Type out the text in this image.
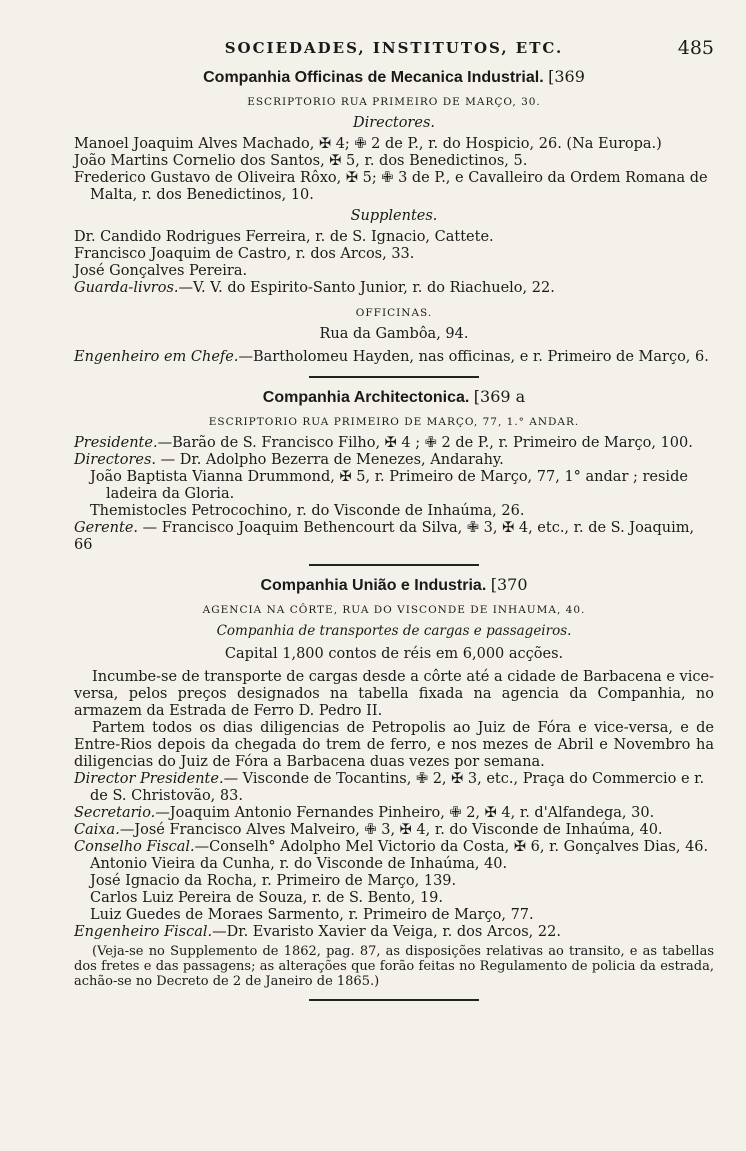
SOCIEDADES, INSTITUTOS, ETC.	485
Companhia Officinas de Mecanica Industrial. [369
ESCRIPTORIO RUA PRIMEIRO DE MARÇO, 30.
Directores.
Manoel Joaquim Alves Machado, ✠ 4; ✙ 2 de P., r. do Hospicio, 26. (Na Europa.)
João Martins Cornelio dos Santos, ✠ 5, r. dos Benedictinos, 5.
Frederico Gustavo de Oliveira Rôxo, ✠ 5; ✙ 3 de P., e Cavalleiro da Ordem Romana de Malta, r. dos Benedictinos, 10.
Supplentes.
Dr. Candido Rodrigues Ferreira, r. de S. Ignacio, Cattete.
Francisco Joaquim de Castro, r. dos Arcos, 33.
José Gonçalves Pereira.
Guarda-livros.—V. V. do Espirito-Santo Junior, r. do Riachuelo, 22.
OFFICINAS.
Rua da Gambôa, 94.
Engenheiro em Chefe.—Bartholomeu Hayden, nas officinas, e r. Primeiro de Março, 6.
Companhia Architectonica. [369 a
ESCRIPTORIO RUA PRIMEIRO DE MARÇO, 77, 1.° ANDAR.
Presidente.—Barão de S. Francisco Filho, ✠ 4 ; ✙ 2 de P., r. Primeiro de Março, 100.
Directores. — Dr. Adolpho Bezerra de Menezes, Andarahy.
João Baptista Vianna Drummond, ✠ 5, r. Primeiro de Março, 77, 1° andar ; reside ladeira da Gloria.
Themistocles Petrocochino, r. do Visconde de Inhaúma, 26.
Gerente. — Francisco Joaquim Bethencourt da Silva, ✙ 3, ✠ 4, etc., r. de S. Joaquim, 66
Companhia União e Industria. [370
AGENCIA NA CÔRTE, RUA DO VISCONDE DE INHAUMA, 40.
Companhia de transportes de cargas e passageiros.
Capital 1,800 contos de réis em 6,000 acções.
Incumbe-se de transporte de cargas desde a côrte até a cidade de Barbacena e vice-versa, pelos preços designados na tabella fixada na agencia da Companhia, no armazem da Estrada de Ferro D. Pedro II.
Partem todos os dias diligencias de Petropolis ao Juiz de Fóra e vice-versa, e de Entre-Rios depois da chegada do trem de ferro, e nos mezes de Abril e Novembro ha diligencias do Juiz de Fóra a Barbacena duas vezes por semana.
Director Presidente.— Visconde de Tocantins, ✙ 2, ✠ 3, etc., Praça do Commercio e r. de S. Christovão, 83.
Secretario.—Joaquim Antonio Fernandes Pinheiro, ✙ 2, ✠ 4, r. d'Alfandega, 30.
Caixa.—José Francisco Alves Malveiro, ✙ 3, ✠ 4, r. do Visconde de Inhaúma, 40.
Conselho Fiscal.—Conselh° Adolpho Mel Victorio da Costa, ✠ 6, r. Gonçalves Dias, 46.
Antonio Vieira da Cunha, r. do Visconde de Inhaúma, 40.
José Ignacio da Rocha, r. Primeiro de Março, 139.
Carlos Luiz Pereira de Souza, r. de S. Bento, 19.
Luiz Guedes de Moraes Sarmento, r. Primeiro de Março, 77.
Engenheiro Fiscal.—Dr. Evaristo Xavier da Veiga, r. dos Arcos, 22.
(Veja-se no Supplemento de 1862, pag. 87, as disposições relativas ao transito, e as tabellas dos fretes e das passagens; as alterações que forão feitas no Regulamento de policia da estrada, achão-se no Decreto de 2 de Janeiro de 1865.)
